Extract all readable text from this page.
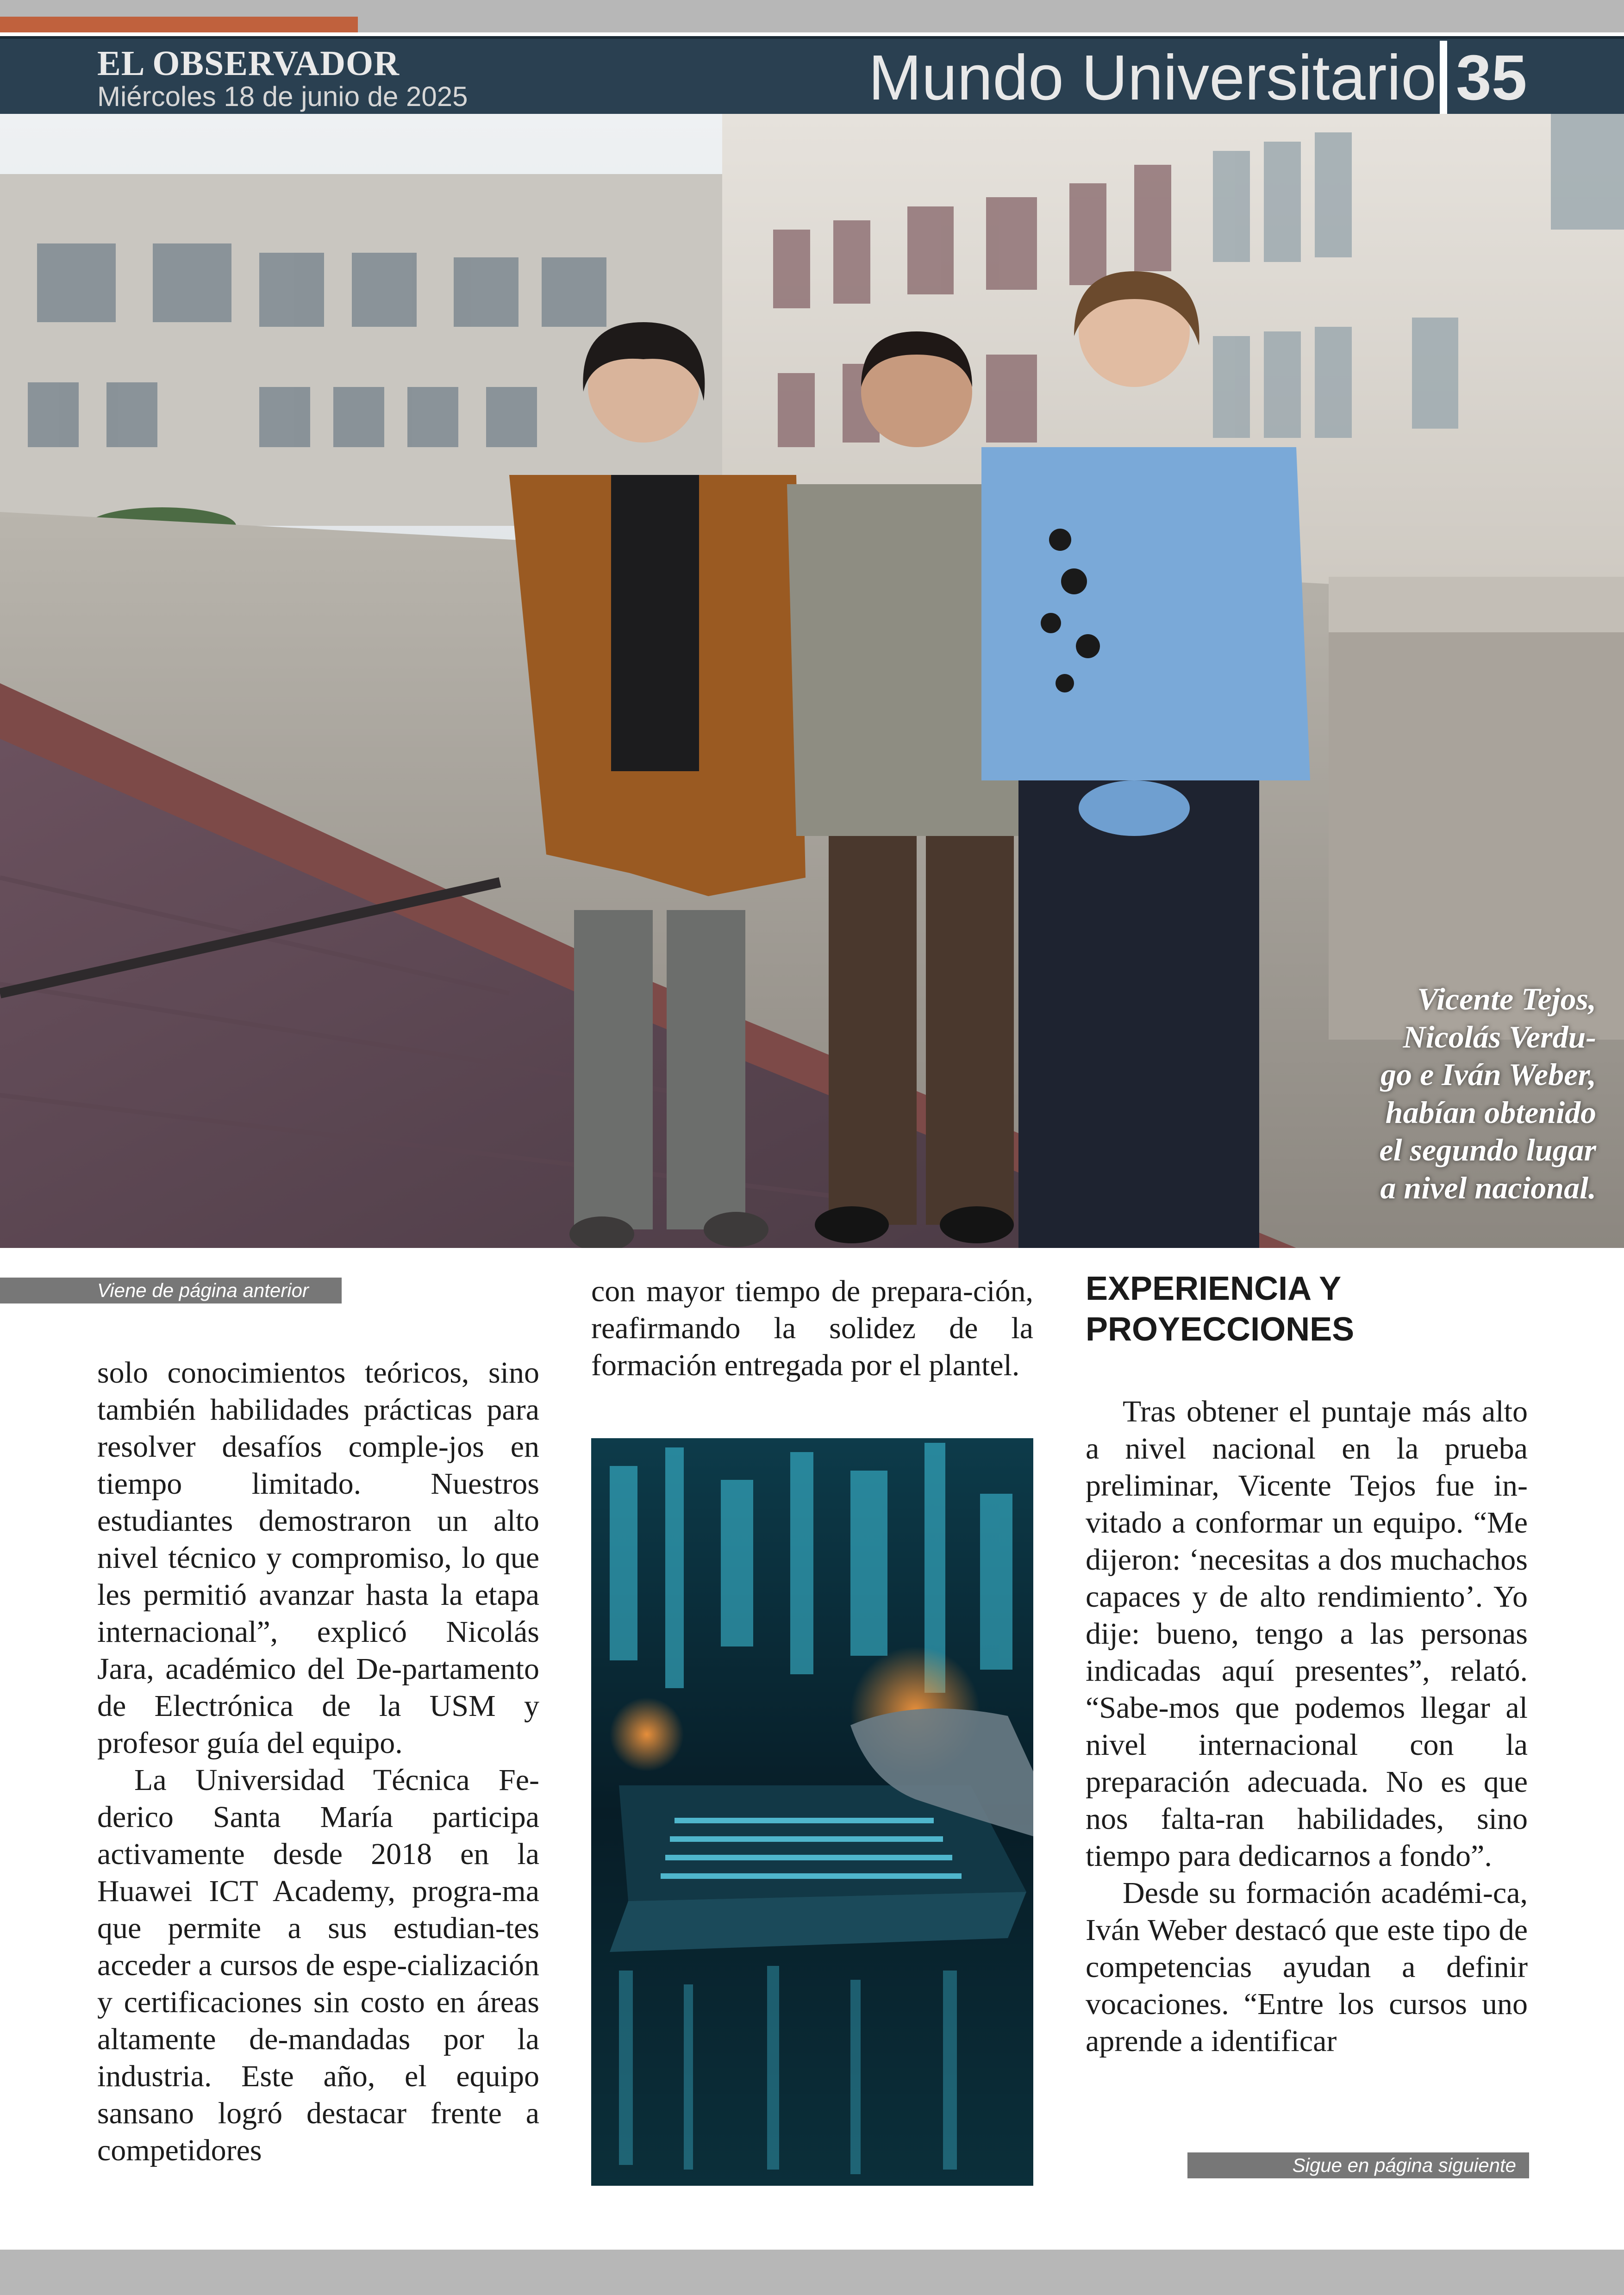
EL OBSERVADOR
Miércoles 18 de junio de 2025	Mundo Universitario 35
Vicente Tejos,
Nicolás Verdu-
go e Iván Weber,
habían obtenido
el segundo lugar
a nivel nacional.
Viene de página anterior

solo conocimientos teóricos, sino también habilidades prácticas para resolver desafíos comple-jos en tiempo limitado. Nuestros estudiantes demostraron un alto nivel técnico y compromiso, lo que les permitió avanzar hasta la etapa internacional”, explicó Nicolás Jara, académico del De-partamento de Electrónica de la USM y profesor guía del equipo.

La Universidad Técnica Fe-derico Santa María participa activamente desde 2018 en la Huawei ICT Academy, progra-ma que permite a sus estudian-tes acceder a cursos de espe-cialización y certificaciones sin costo en áreas altamente de-mandadas por la industria. Este año, el equipo sansano logró destacar frente a competidores

con mayor tiempo de prepara-ción, reafirmando la solidez de la formación entregada por el plantel.

EXPERIENCIA Y
PROYECCIONES

Tras obtener el puntaje más alto a nivel nacional en la prueba preliminar, Vicente Tejos fue in-vitado a conformar un equipo. “Me dijeron: ‘necesitas a dos muchachos capaces y de alto rendimiento’. Yo dije: bueno, tengo a las personas indicadas aquí presentes”, relató. “Sabe-mos que podemos llegar al nivel internacional con la preparación adecuada. No es que nos falta-ran habilidades, sino tiempo para dedicarnos a fondo”.

Desde su formación académi-ca, Iván Weber destacó que este tipo de competencias ayudan a definir vocaciones. “Entre los cursos uno aprende a identificar

Sigue en página siguiente
